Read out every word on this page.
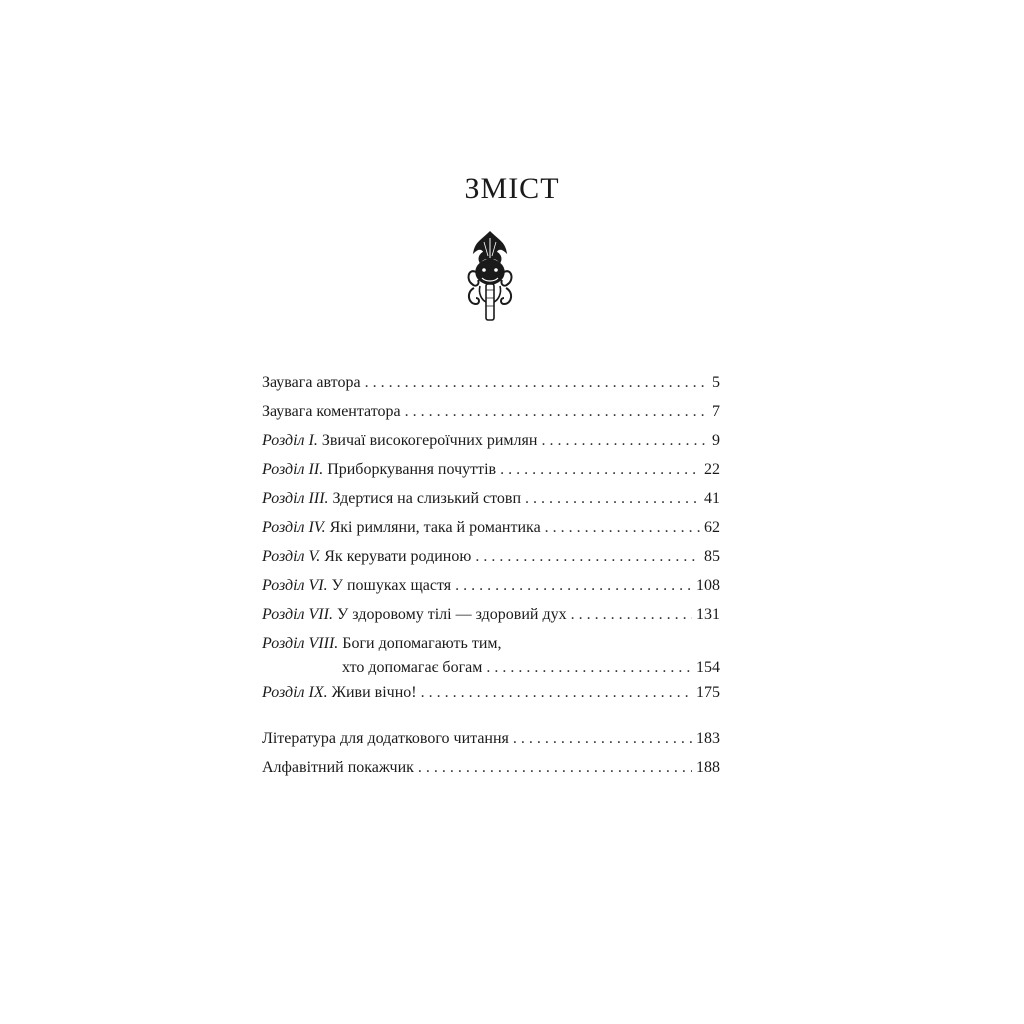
ЗМІСТ
Заувага автора . . .	5
Заувага коментатора . . .	7
Розділ I. Звичаї високогероїчних римлян . . .	9
Розділ II. Приборкування почуттів . . .	22
Розділ III. Здертися на слизький стовп . . .	41
Розділ IV. Які римляни, така й романтика . . .	62
Розділ V. Як керувати родиною . . .	85
Розділ VI. У пошуках щастя . . .	108
Розділ VII. У здоровому тілі — здоровий дух . . .	131
Розділ VIII. Боги допомагають тим,
хто допомагає богам . . .	154
Розділ IX. Живи вічно! . . .	175
Література для додаткового читання . . .	183
Алфавітний покажчик . . .	188
